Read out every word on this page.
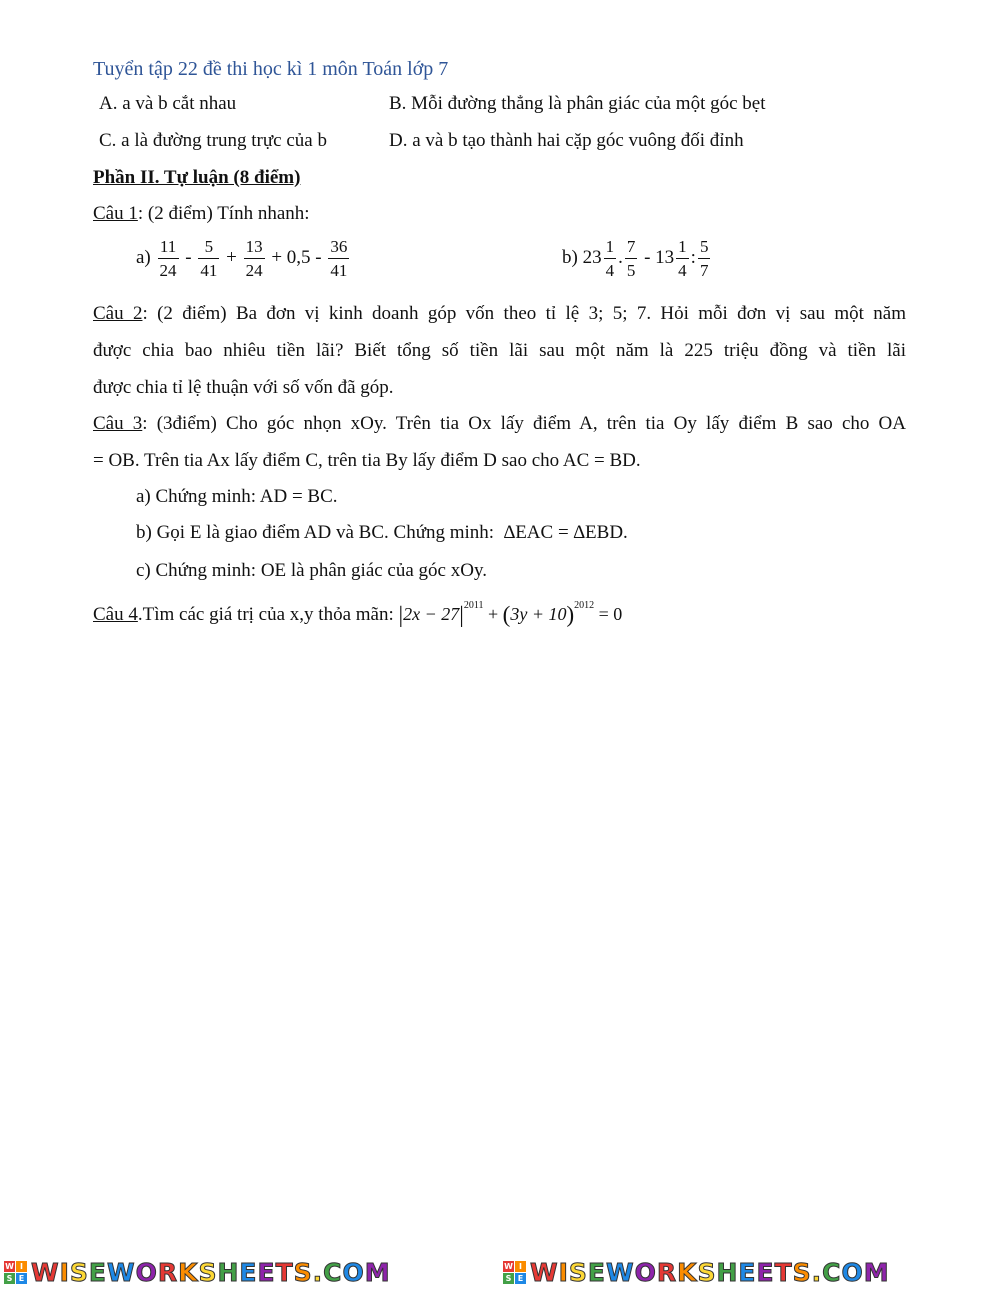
Tuyển tập 22 đề thi học kì 1 môn Toán lớp 7
A. a và b cắt nhau	B. Mỗi đường thẳng là phân giác của một góc bẹt
C. a là đường trung trực của b	D. a và b tạo thành hai cặp góc vuông đối đỉnh
Phần II. Tự luận (8 điểm)
Câu 1: (2 điểm) Tính nhanh:
$a) \frac{11}{24} - \frac{5}{41} + \frac{13}{24} + 0,5 - \frac{36}{41}$	b) $23 \frac{1}{4}$ . $\frac{7}{5} - 13 \frac{1}{4}$ : $\frac{5}{7}$
Câu 2: (2 điểm) Ba đơn vị kinh doanh góp vốn theo tỉ lệ 3; 5; 7. Hỏi mỗi đơn vị sau một năm
được chia bao nhiêu tiền lãi? Biết tổng số tiền lãi sau một năm là 225 triệu đồng và tiền lãi
được chia tỉ lệ thuận với số vốn đã góp.
Câu 3: (3điểm) Cho góc nhọn xOy. Trên tia Ox lấy điểm A, trên tia Oy lấy điểm B sao cho OA
= OB. Trên tia Ax lấy điểm C, trên tia By lấy điểm D sao cho AC = BD.
a) Chứng minh: AD = BC.
b) Gọi E là giao điểm AD và BC. Chứng minh: ∆EAC = ∆EBD.
c) Chứng minh: OE là phân giác của góc xOy.
Câu 4.Tìm các giá trị của x,y thỏa mãn: $|2x - 27|^{2011} + (3y + 10)^{2012} = 0$
W I
S E WISEWORKSHEETS.COM	W I
S E WISEWORKSHEETS.COM
